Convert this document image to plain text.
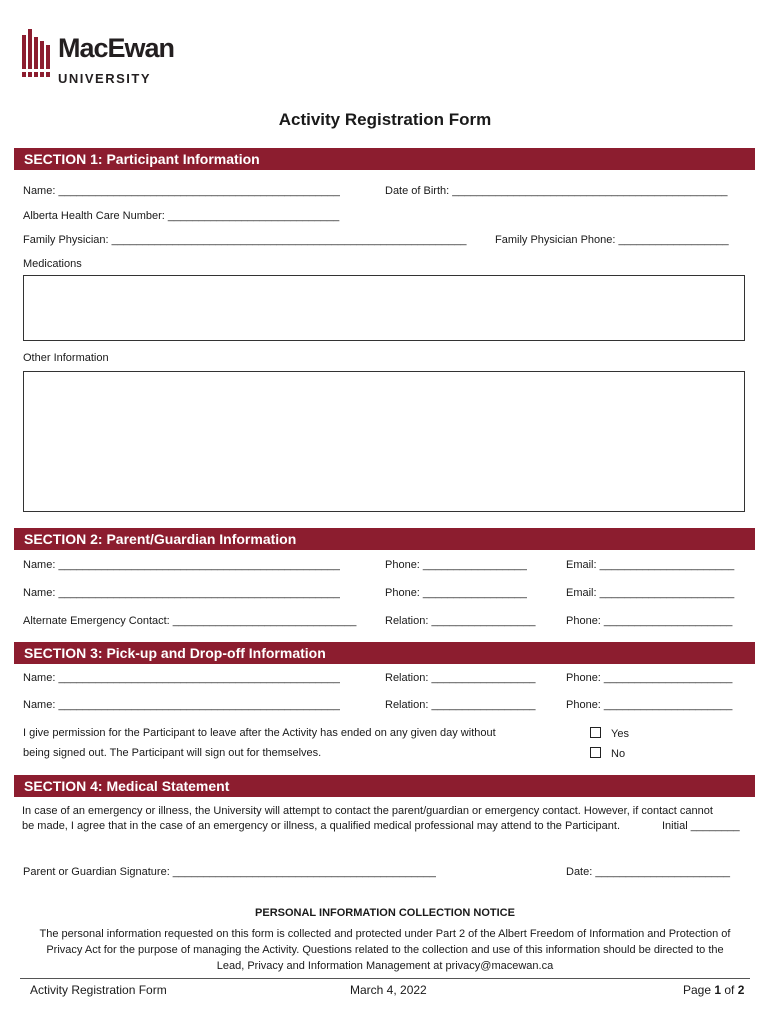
MacEwan
UNIVERSITY
Activity Registration Form
SECTION 1: Participant Information
Name: ______________________________________________	Date of Birth: _____________________________________________
Alberta Health Care Number: ____________________________
Family Physician: __________________________________________________________	Family Physician Phone: __________________
Medications
Other Information
SECTION 2: Parent/Guardian Information
Name: ______________________________________________	Phone: _________________	Email: ______________________
Name: ______________________________________________	Phone: _________________	Email: ______________________
Alternate Emergency Contact: ______________________________	Relation: _________________	Phone: _____________________
SECTION 3: Pick-up and Drop-off Information
Name: ______________________________________________	Relation: _________________	Phone: _____________________
Name: ______________________________________________	Relation: _________________	Phone: _____________________
I give permission for the Participant to leave after the Activity has ended on any given day without
being signed out. The Participant will sign out for themselves.
Yes
No
SECTION 4: Medical Statement
In case of an emergency or illness, the University will attempt to contact the parent/guardian or emergency contact. However, if contact cannot
be made, I agree that in the case of an emergency or illness, a qualified medical professional may attend to the Participant.	Initial ________
Parent or Guardian Signature: ___________________________________________	Date: ______________________
PERSONAL INFORMATION COLLECTION NOTICE
The personal information requested on this form is collected and protected under Part 2 of the Albert Freedom of Information and Protection of
Privacy Act for the purpose of managing the Activity. Questions related to the collection and use of this information should be directed to the
Lead, Privacy and Information Management at privacy@macewan.ca
Activity Registration Form	March 4, 2022	Page 1 of 2
